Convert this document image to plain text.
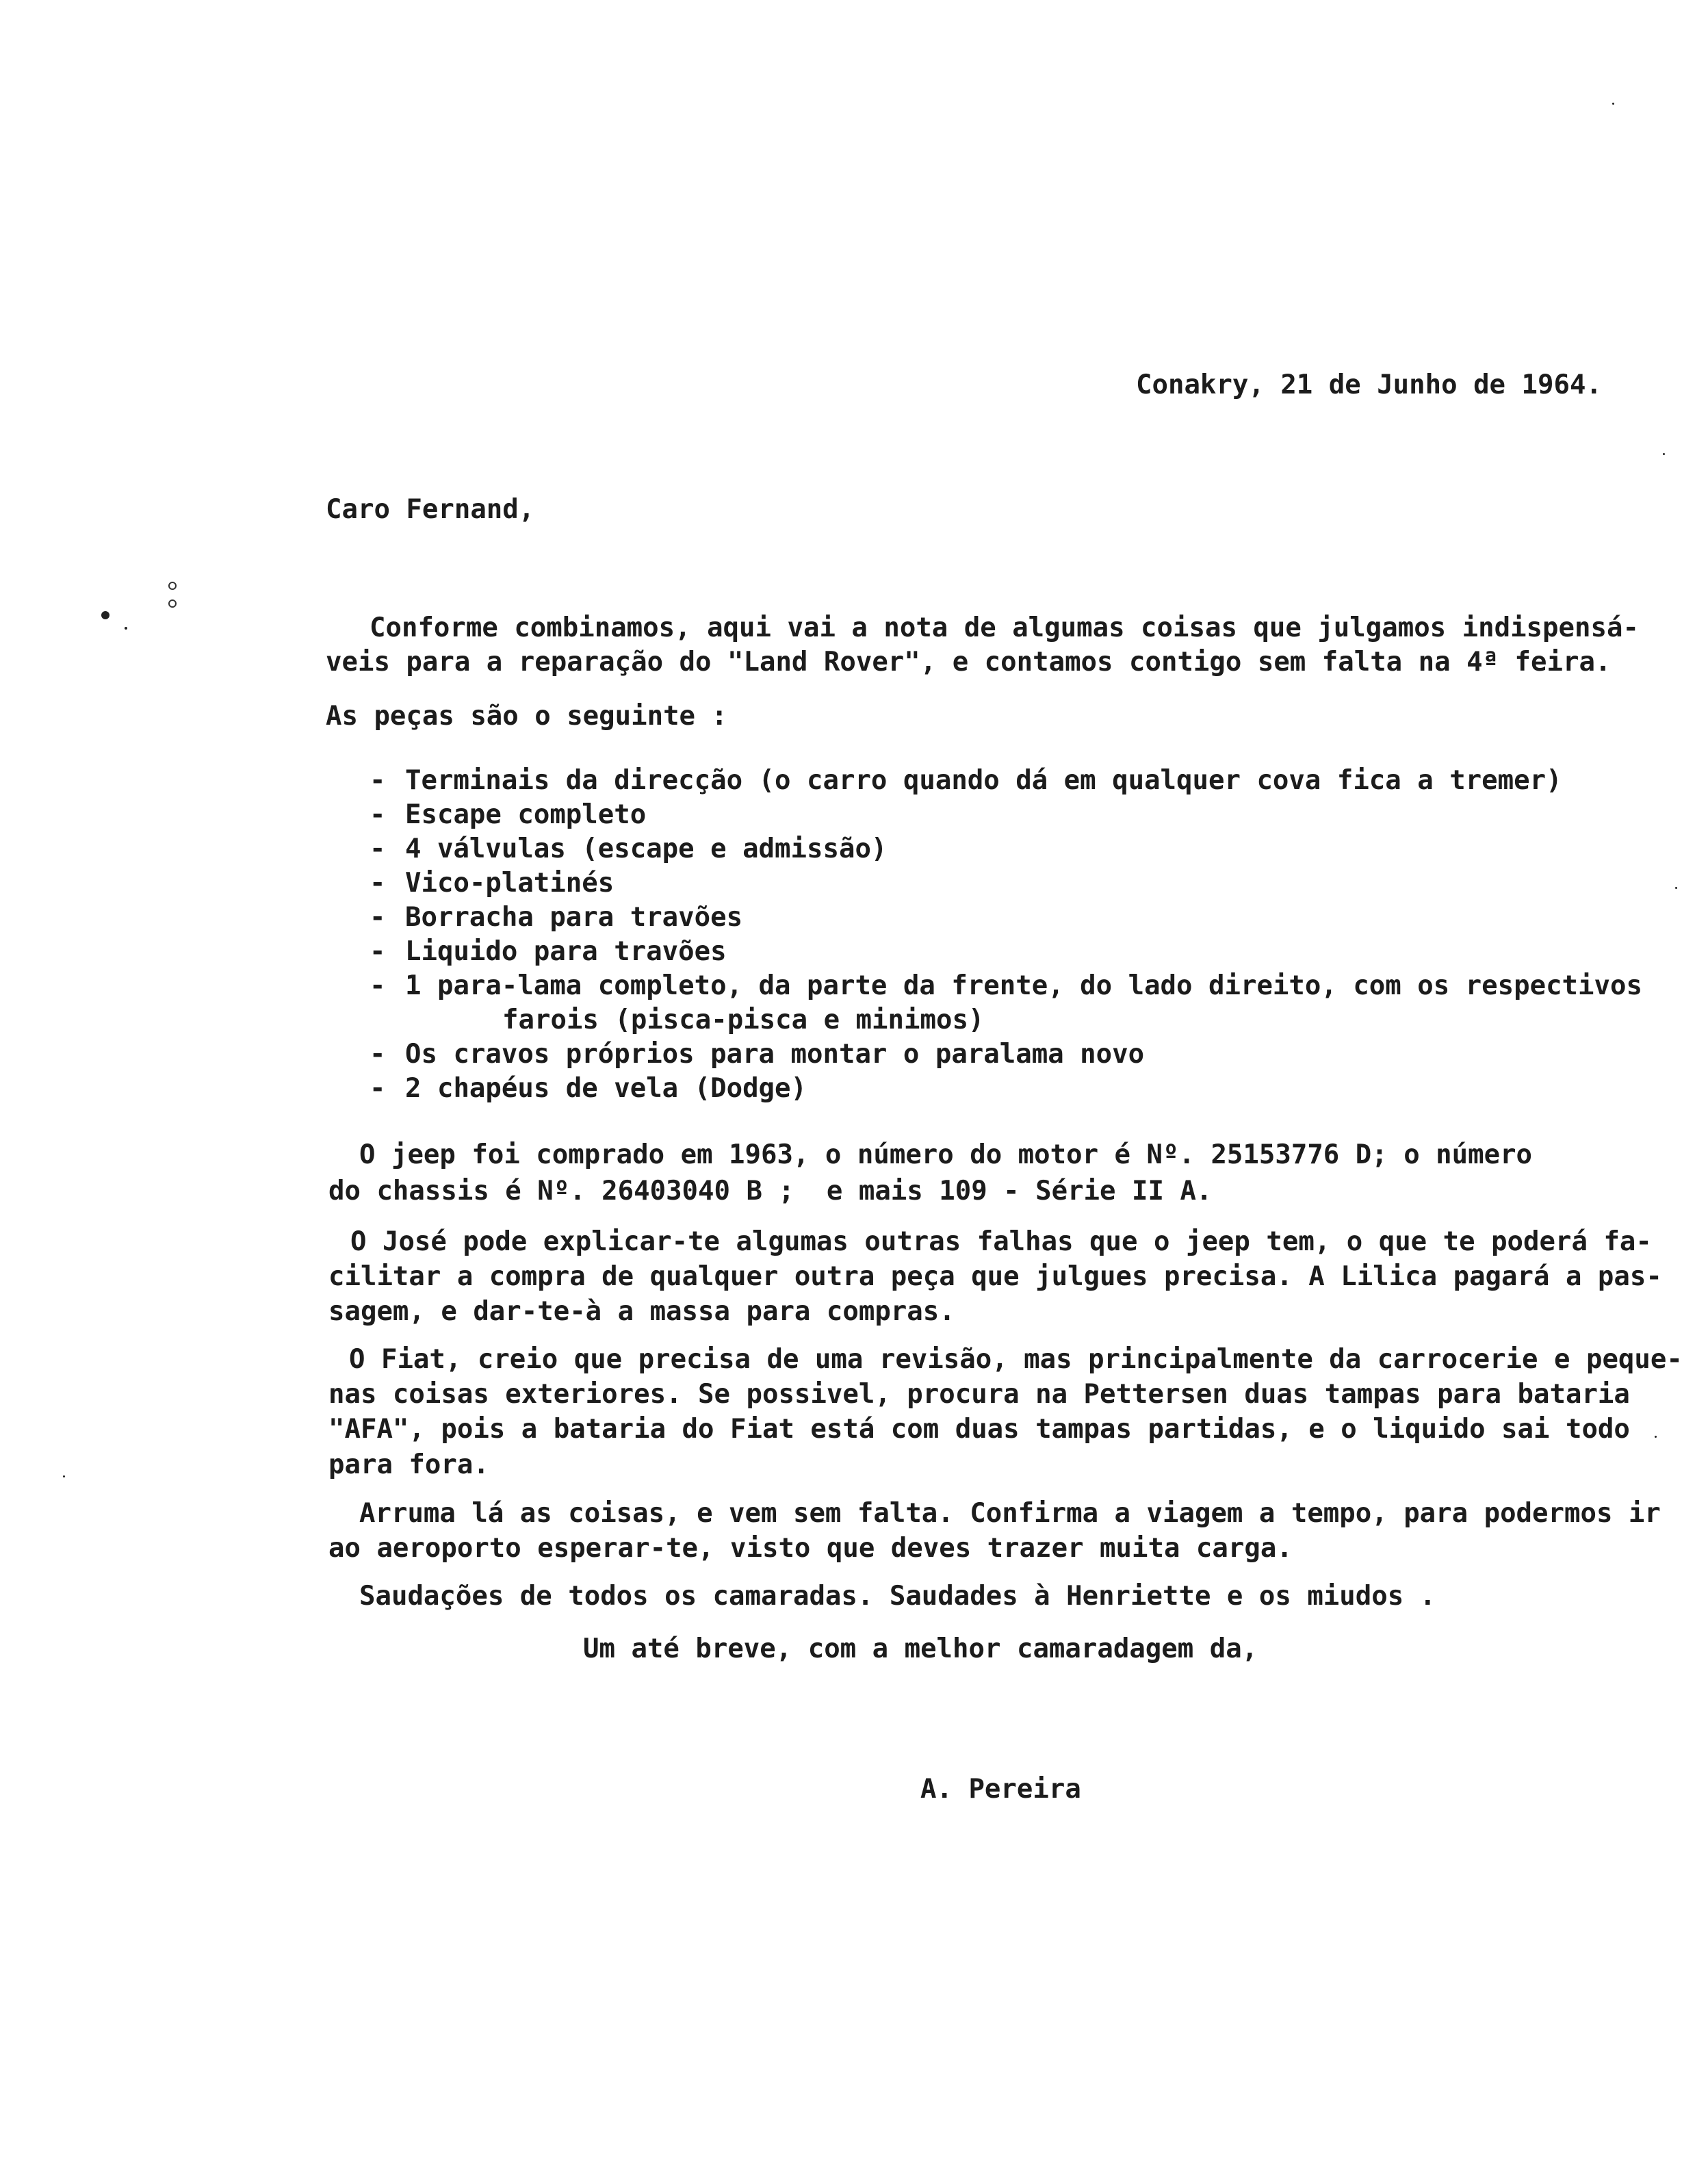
Conakry, 21 de Junho de 1964.
Caro Fernand,
Conforme combinamos, aqui vai a nota de algumas coisas que julgamos indispensá-
veis para a reparação do "Land Rover", e contamos contigo sem falta na 4ª feira.
As peças são o seguinte :
- Terminais da direcção (o carro quando dá em qualquer cova fica a tremer)
- Escape completo
- 4 válvulas (escape e admissão)
- Vico-platinés
- Borracha para travões
- Liquido para travões
- 1 para-lama completo, da parte da frente, do lado direito, com os respectivos
farois (pisca-pisca e minimos)
- Os cravos próprios para montar o paralama novo
- 2 chapéus de vela (Dodge)
O jeep foi comprado em 1963, o número do motor é Nº. 25153776 D; o número
do chassis é Nº. 26403040 B ;  e mais 109 - Série II A.
O José pode explicar-te algumas outras falhas que o jeep tem, o que te poderá fa-
cilitar a compra de qualquer outra peça que julgues precisa. A Lilica pagará a pas-
sagem, e dar-te-à a massa para compras.
O Fiat, creio que precisa de uma revisão, mas principalmente da carrocerie e peque-
nas coisas exteriores. Se possivel, procura na Pettersen duas tampas para bataria
"AFA", pois a bataria do Fiat está com duas tampas partidas, e o liquido sai todo
para fora.
Arruma lá as coisas, e vem sem falta. Confirma a viagem a tempo, para podermos ir
ao aeroporto esperar-te, visto que deves trazer muita carga.
Saudações de todos os camaradas. Saudades à Henriette e os miudos .
Um até breve, com a melhor camaradagem da,
A. Pereira
